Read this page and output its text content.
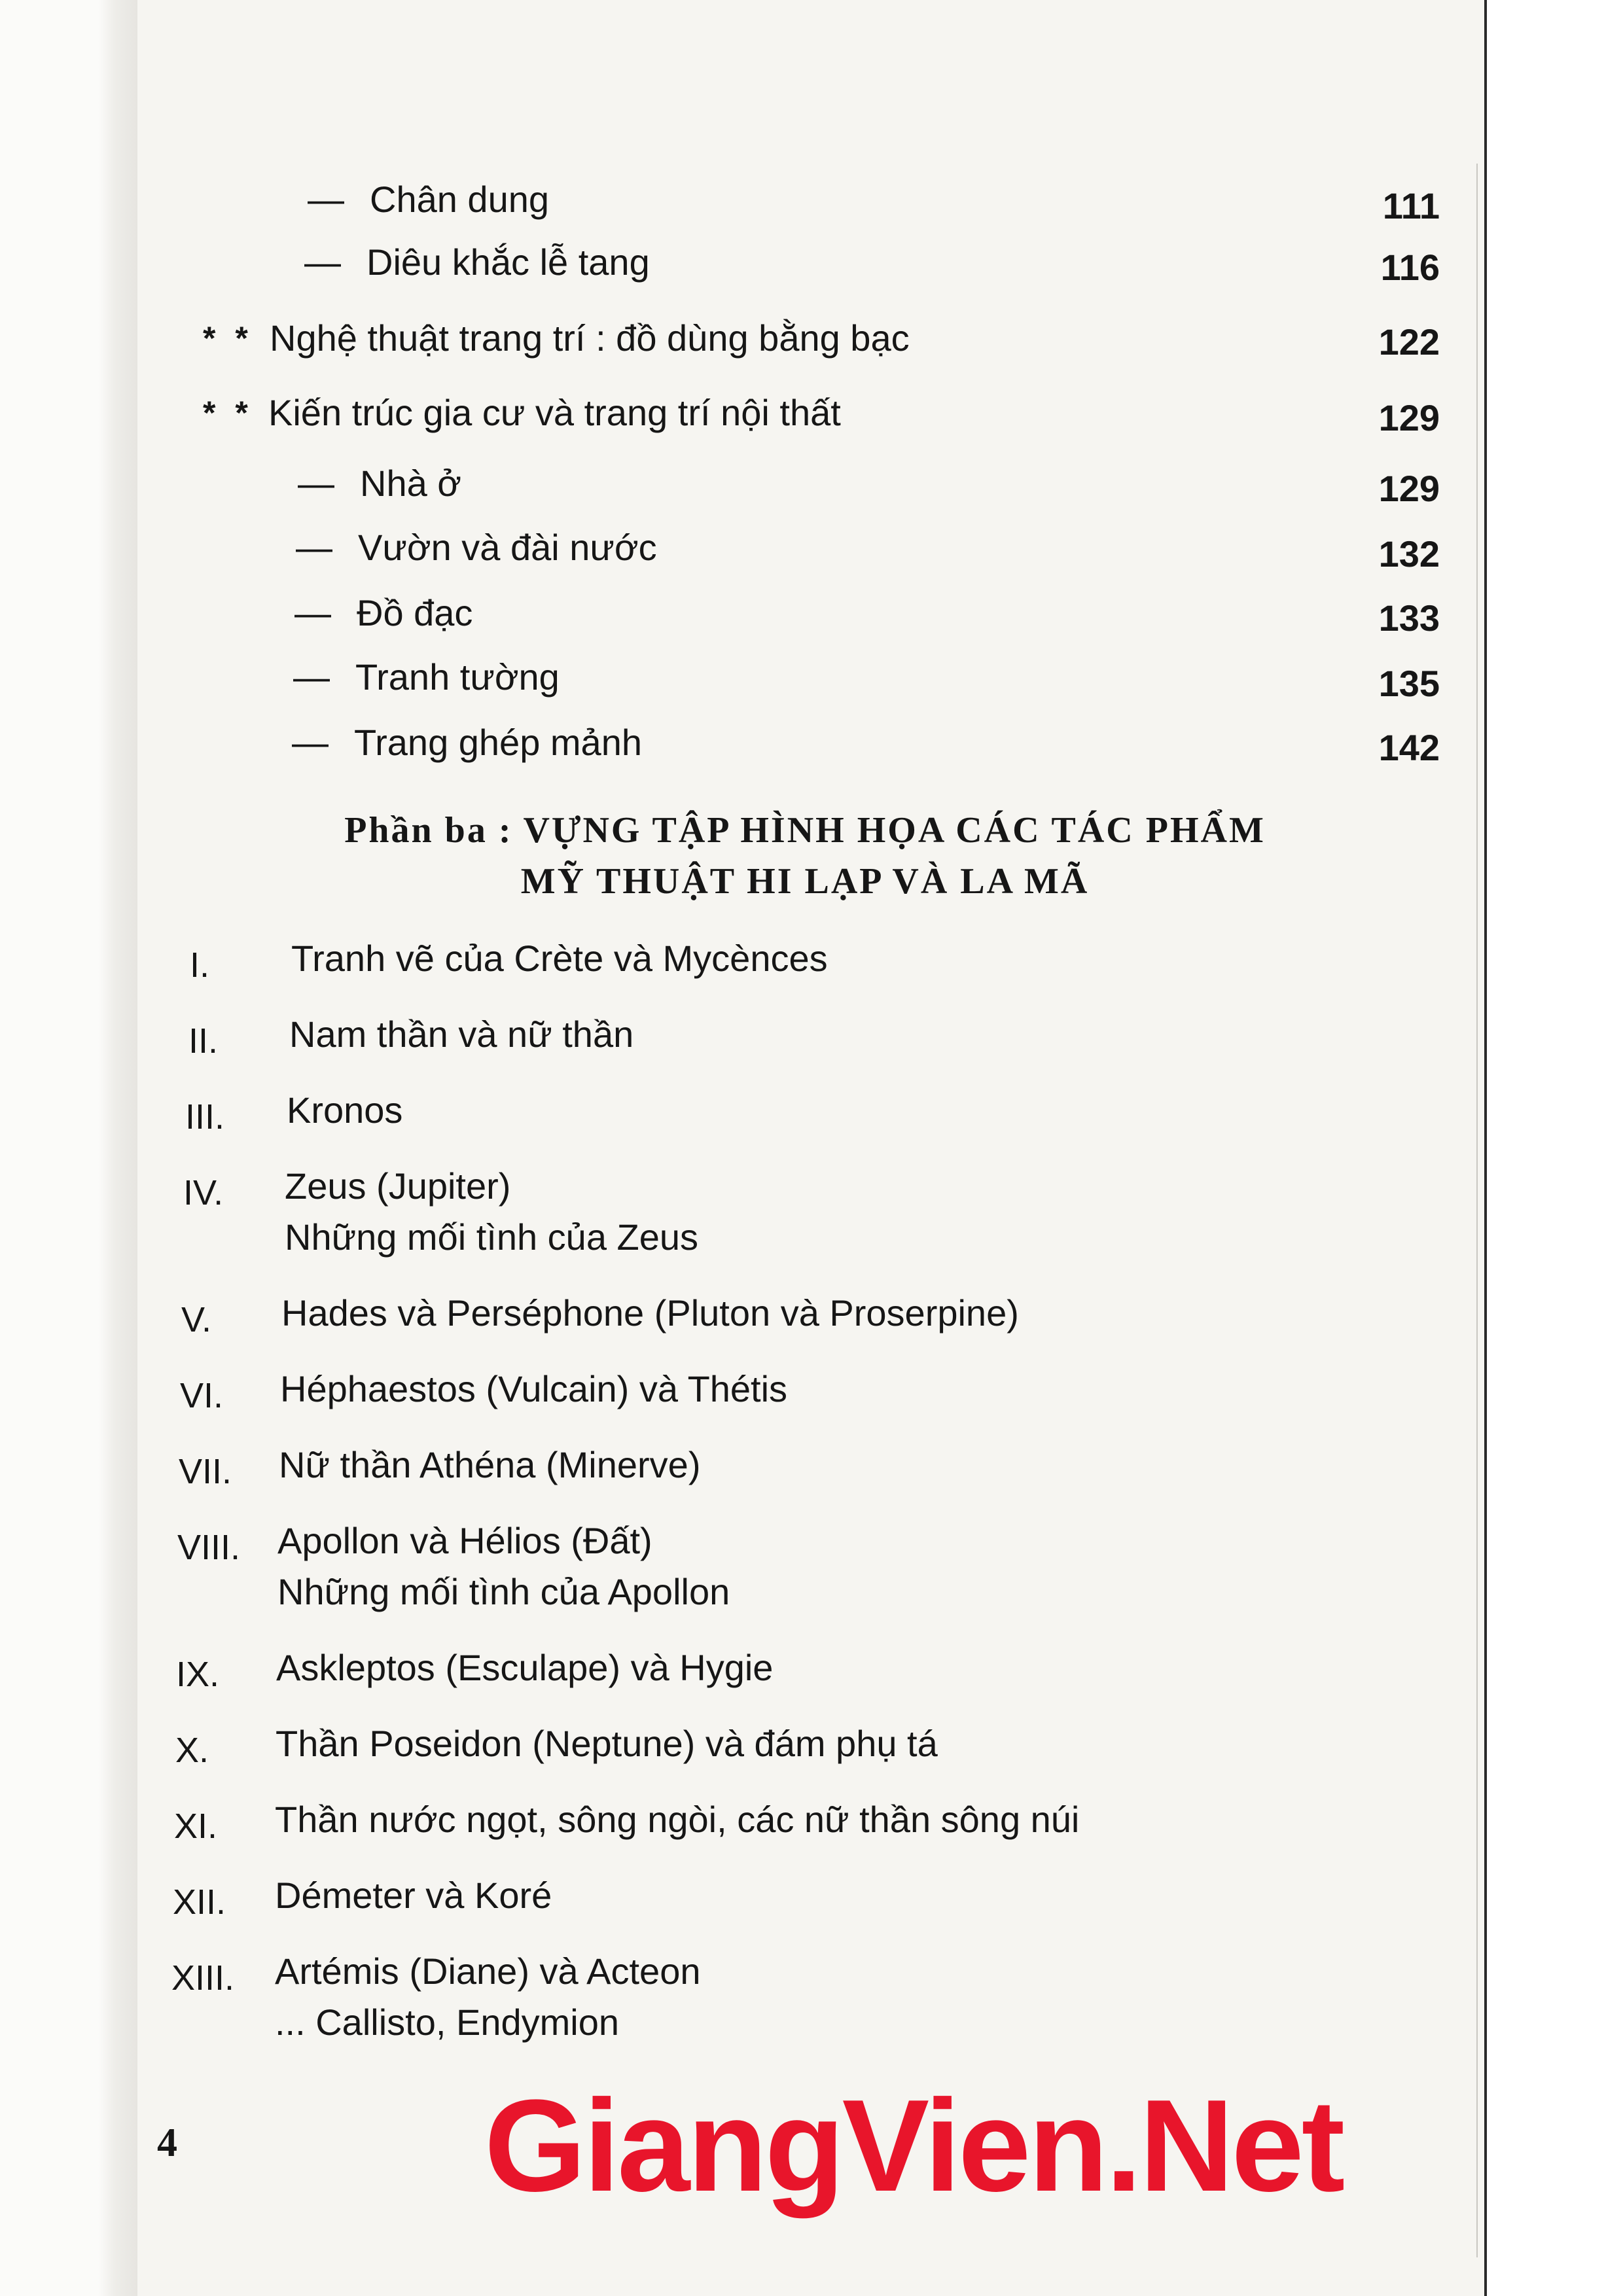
— Chân dung	111
— Diêu khắc lễ tang	116
* * Nghệ thuật trang trí : đồ dùng bằng bạc	122
* * Kiến trúc gia cư và trang trí nội thất	129
— Nhà ở	129
— Vườn và đài nước	132
— Đồ đạc	133
— Tranh tường	135
— Trang ghép mảnh	142
Phần ba : VỰNG TẬP HÌNH HỌA CÁC TÁC PHẨM
MỸ THUẬT HI LẠP VÀ LA MÃ
I. Tranh vẽ của Crète và Mycènces
II. Nam thần và nữ thần
III. Kronos
IV. Zeus (Jupiter)
Những mối tình của Zeus
V. Hades và Perséphone (Pluton và Proserpine)
VI. Héphaestos (Vulcain) và Thétis
VII. Nữ thần Athéna (Minerve)
VIII. Apollon và Hélios (Đất)
Những mối tình của Apollon
IX. Askleptos (Esculape) và Hygie
X. Thần Poseidon (Neptune) và đám phụ tá
XI. Thần nước ngọt, sông ngòi, các nữ thần sông núi
XII. Démeter và Koré
XIII. Artémis (Diane) và Acteon
... Callisto, Endymion
4 GiangVien.Net
